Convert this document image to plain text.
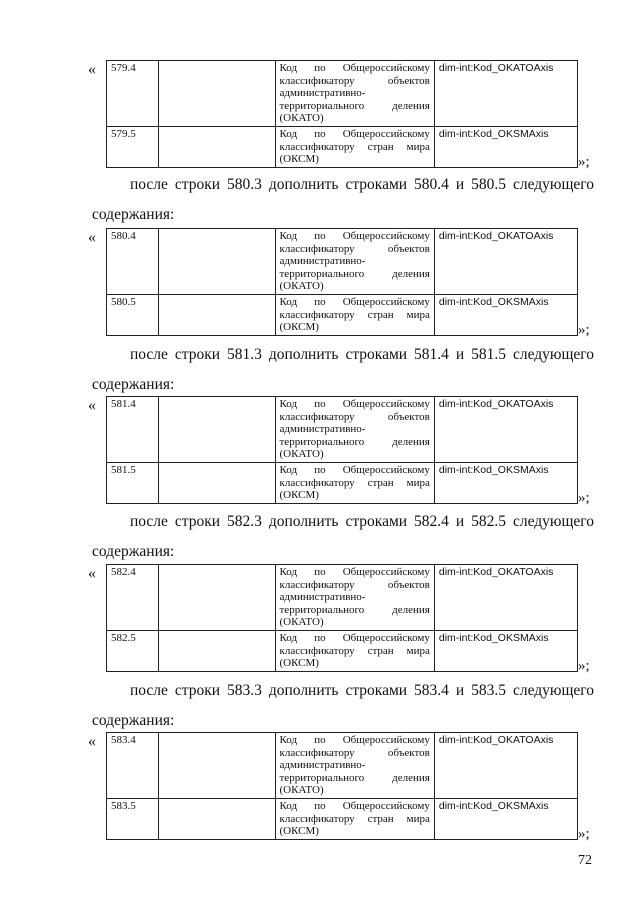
« 579.4		Код по Общероссийскому классификатору объектов административно-территориального деления (ОКАТО)	dim-int:Kod_OKATOAxis
579.5		Код по Общероссийскому классификатору стран мира (ОКСМ)	dim-int:Kod_OKSMAxis
»;
после строки 580.3 дополнить строками 580.4 и 580.5 следующего
содержания:
« 580.4		Код по Общероссийскому классификатору объектов административно-территориального деления (ОКАТО)	dim-int:Kod_OKATOAxis
580.5		Код по Общероссийскому классификатору стран мира (ОКСМ)	dim-int:Kod_OKSMAxis
»;
после строки 581.3 дополнить строками 581.4 и 581.5 следующего
содержания:
« 581.4		Код по Общероссийскому классификатору объектов административно-территориального деления (ОКАТО)	dim-int:Kod_OKATOAxis
581.5		Код по Общероссийскому классификатору стран мира (ОКСМ)	dim-int:Kod_OKSMAxis
»;
после строки 582.3 дополнить строками 582.4 и 582.5 следующего
содержания:
« 582.4		Код по Общероссийскому классификатору объектов административно-территориального деления (ОКАТО)	dim-int:Kod_OKATOAxis
582.5		Код по Общероссийскому классификатору стран мира (ОКСМ)	dim-int:Kod_OKSMAxis
»;
после строки 583.3 дополнить строками 583.4 и 583.5 следующего
содержания:
« 583.4		Код по Общероссийскому классификатору объектов административно-территориального деления (ОКАТО)	dim-int:Kod_OKATOAxis
583.5		Код по Общероссийскому классификатору стран мира (ОКСМ)	dim-int:Kod_OKSMAxis
»;
72
